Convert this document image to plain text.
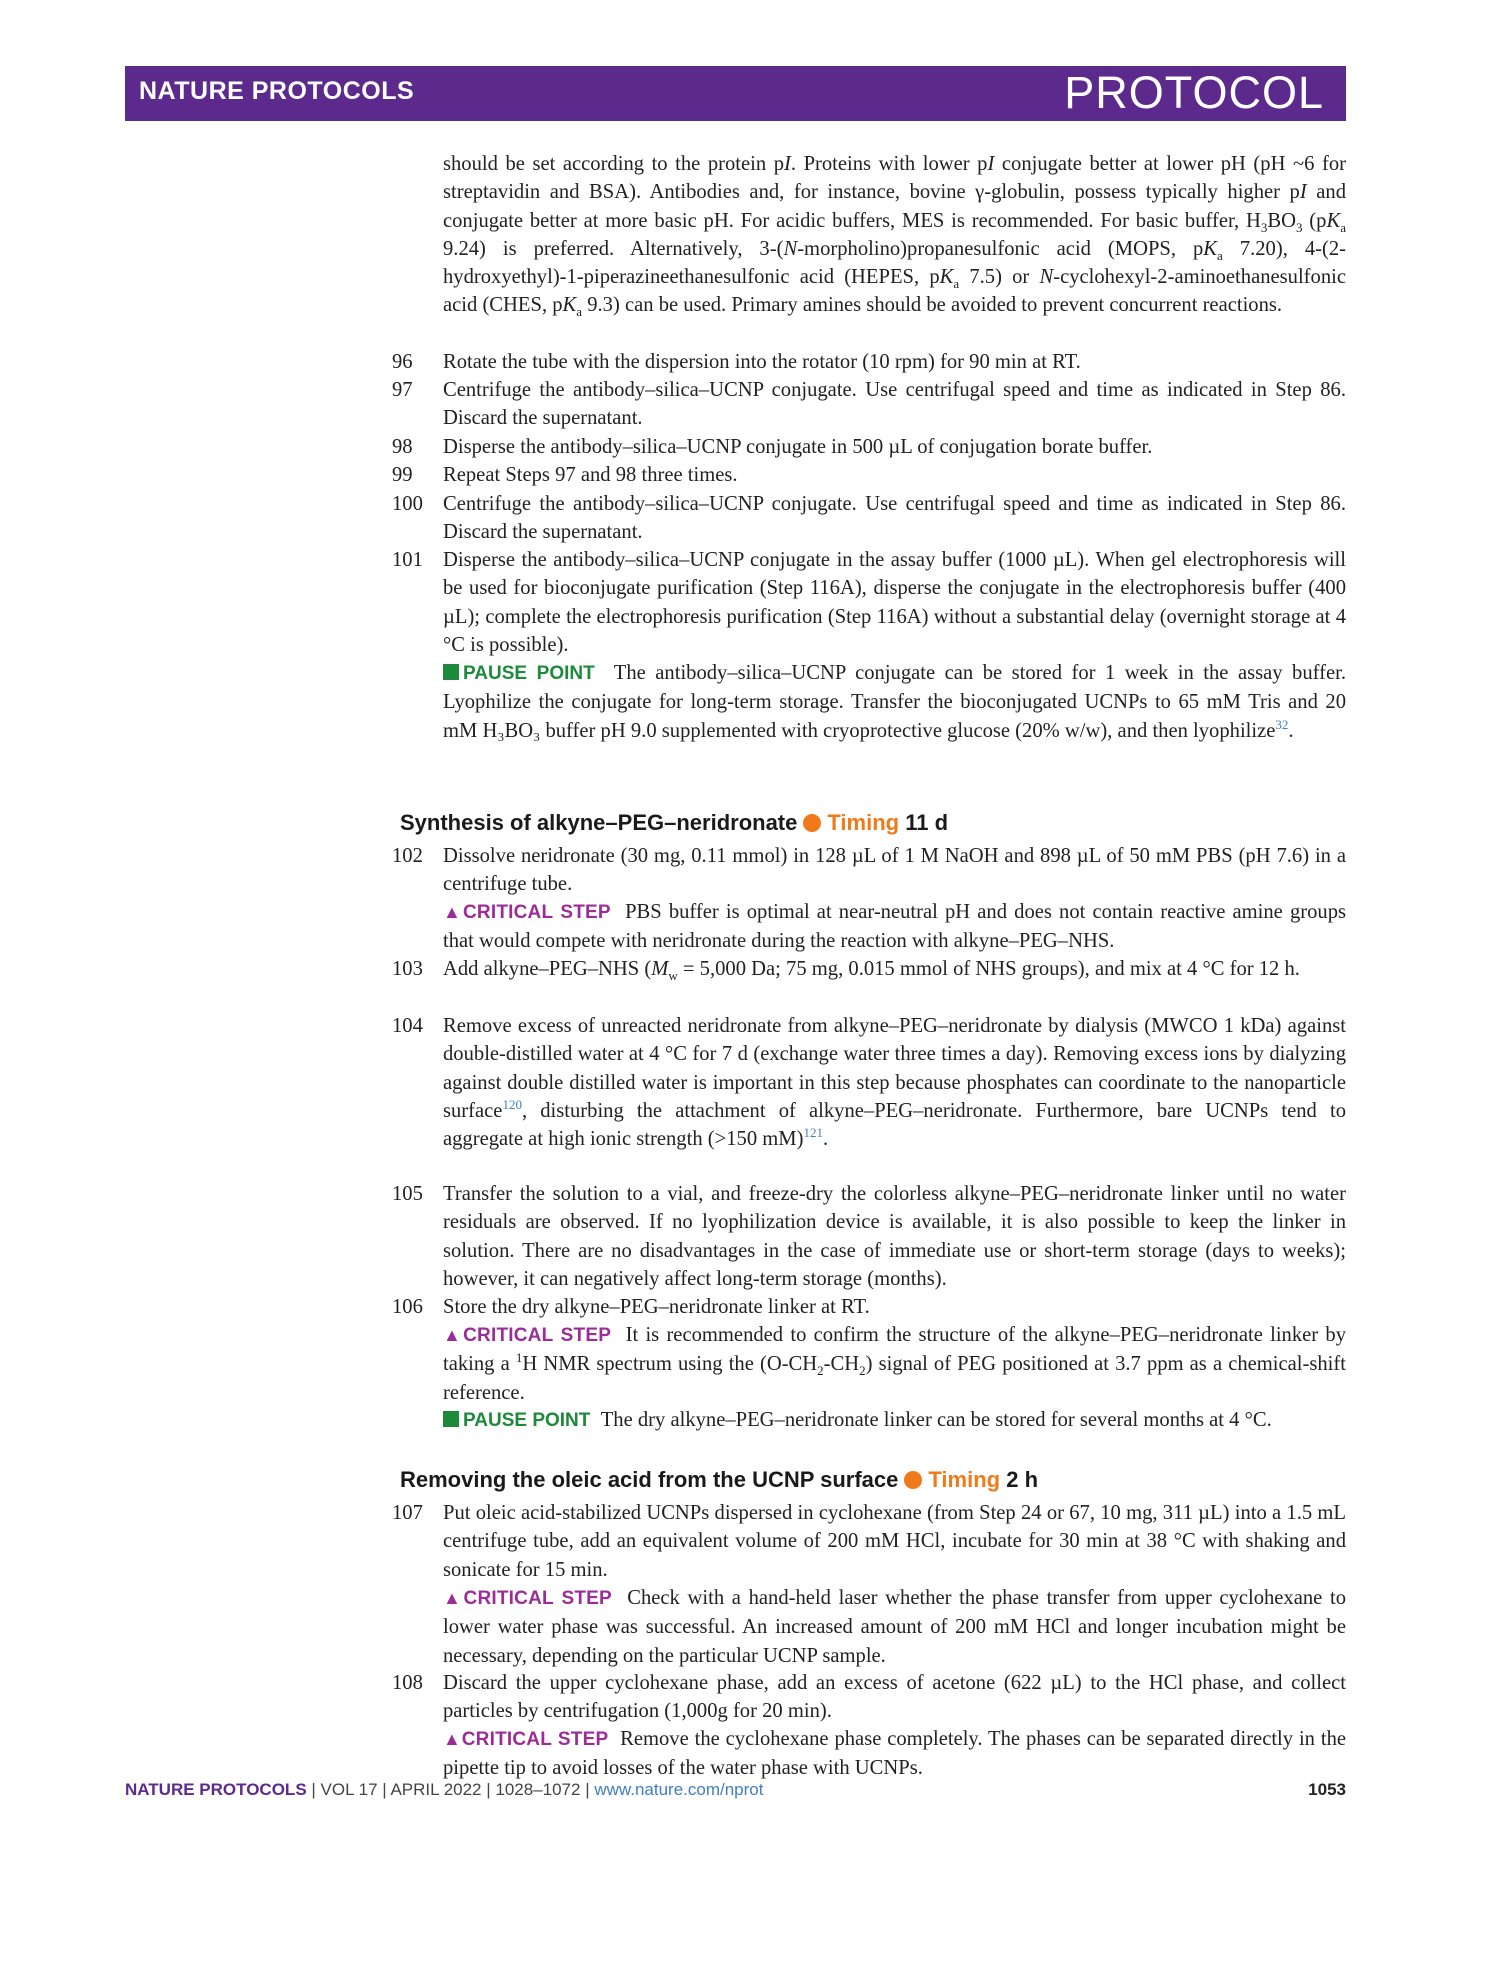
NATURE PROTOCOLS	PROTOCOL
should be set according to the protein pI. Proteins with lower pI conjugate better at lower pH (pH ~6 for streptavidin and BSA). Antibodies and, for instance, bovine γ-globulin, possess typically higher pI and conjugate better at more basic pH. For acidic buffers, MES is recommended. For basic buffer, $H_3BO_3$ ($pK_a$ 9.24) is preferred. Alternatively, 3-(N-morpholino)propanesulfonic acid (MOPS, $pK_a$ 7.20), 4-(2-hydroxyethyl)-1-piperazineethanesulfonic acid (HEPES, $pK_a$ 7.5) or N-cyclohexyl-2-aminoethanesulfonic acid (CHES, $pK_a$ 9.3) can be used. Primary amines should be avoided to prevent concurrent reactions.
96	Rotate the tube with the dispersion into the rotator (10 rpm) for 90 min at RT.
97	Centrifuge the antibody–silica–UCNP conjugate. Use centrifugal speed and time as indicated in Step 86. Discard the supernatant.
98	Disperse the antibody–silica–UCNP conjugate in 500 µL of conjugation borate buffer.
99	Repeat Steps 97 and 98 three times.
100 Centrifuge the antibody–silica–UCNP conjugate. Use centrifugal speed and time as indicated in Step 86. Discard the supernatant.
101 Disperse the antibody–silica–UCNP conjugate in the assay buffer (1000 µL). When gel electrophoresis will be used for bioconjugate purification (Step 116A), disperse the conjugate in the electrophoresis buffer (400 µL); complete the electrophoresis purification (Step 116A) without a substantial delay (overnight storage at 4 °C is possible).
PAUSE POINT The antibody–silica–UCNP conjugate can be stored for 1 week in the assay buffer. Lyophilize the conjugate for long-term storage. Transfer the bioconjugated UCNPs to 65 mM Tris and 20 mM H₃BO₃ buffer pH 9.0 supplemented with cryoprotective glucose (20% w/w), and then lyophilize$^{32}$.
Synthesis of alkyne–PEG–neridronate Timing 11 d
102 Dissolve neridronate (30 mg, 0.11 mmol) in 128 µL of 1 M NaOH and 898 µL of 50 mM PBS (pH 7.6) in a centrifuge tube.
▲CRITICAL STEP PBS buffer is optimal at near-neutral pH and does not contain reactive amine groups that would compete with neridronate during the reaction with alkyne–PEG–NHS.
103 Add alkyne–PEG–NHS ($M_w = 5,000$ Da; 75 mg, 0.015 mmol of NHS groups), and mix at 4 °C for 12 h.
104 Remove excess of unreacted neridronate from alkyne–PEG–neridronate by dialysis (MWCO 1 kDa) against double-distilled water at 4 °C for 7 d (exchange water three times a day). Removing excess ions by dialyzing against double distilled water is important in this step because phosphates can coordinate to the nanoparticle surface$^{120}$, disturbing the attachment of alkyne–PEG–neridronate. Furthermore, bare UCNPs tend to aggregate at high ionic strength (>150 mM)$^{121}$.
105 Transfer the solution to a vial, and freeze-dry the colorless alkyne–PEG–neridronate linker until no water residuals are observed. If no lyophilization device is available, it is also possible to keep the linker in solution. There are no disadvantages in the case of immediate use or short-term storage (days to weeks); however, it can negatively affect long-term storage (months).
106 Store the dry alkyne–PEG–neridronate linker at RT.
▲CRITICAL STEP  It is recommended to confirm the structure of the alkyne–PEG–neridronate linker by taking a $^1$H NMR spectrum using the $(O-CH_2-CH_2)$ signal of PEG positioned at 3.7 ppm as a chemical-shift reference.
PAUSE POINT The dry alkyne–PEG–neridronate linker can be stored for several months at 4 °C.
Removing the oleic acid from the UCNP surface Timing 2 h
107 Put oleic acid-stabilized UCNPs dispersed in cyclohexane (from Step 24 or 67, 10 mg, 311 µL) into a 1.5 mL centrifuge tube, add an equivalent volume of 200 mM HCl, incubate for 30 min at 38 °C with shaking and sonicate for 15 min.
▲CRITICAL STEP Check with a hand-held laser whether the phase transfer from upper cyclohexane to lower water phase was successful. An increased amount of 200 mM HCl and longer incubation might be necessary, depending on the particular UCNP sample.
108 Discard the upper cyclohexane phase, add an excess of acetone (622 µL) to the HCl phase, and collect particles by centrifugation (1,000g for 20 min).
▲CRITICAL STEP Remove the cyclohexane phase completely. The phases can be separated directly in the pipette tip to avoid losses of the water phase with UCNPs.
NATURE PROTOCOLS | VOL 17 | APRIL 2022 | 1028–1072 | www.nature.com/nprot	1053
